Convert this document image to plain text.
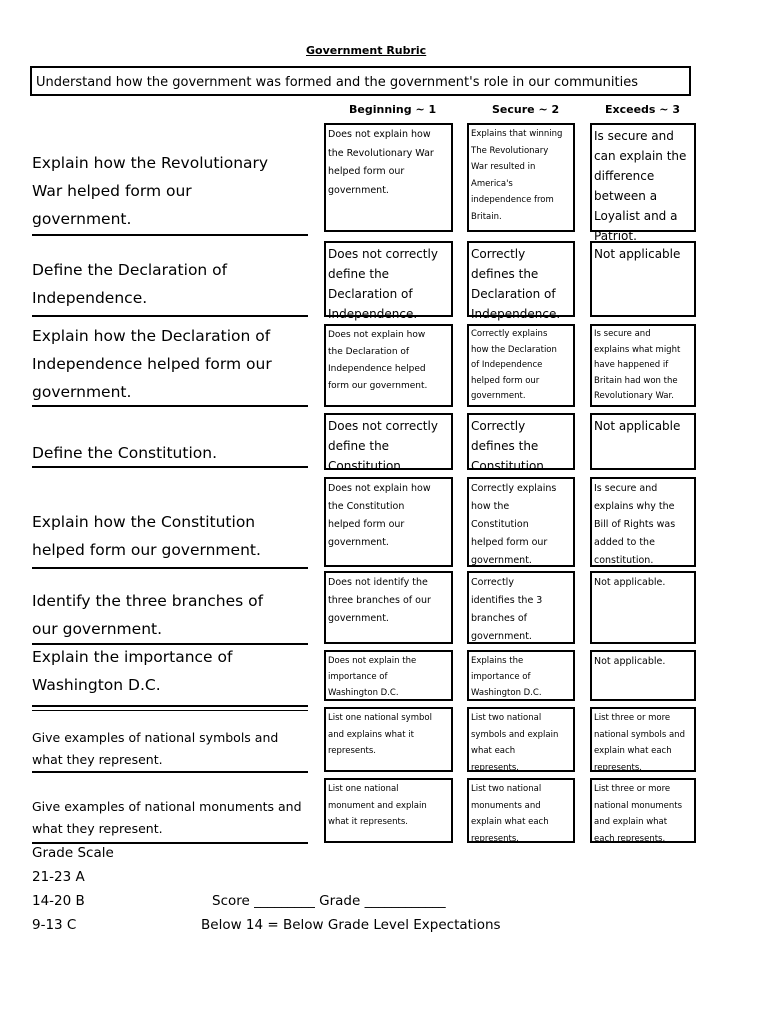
Government Rubric
Understand how the government was formed and the government's role in our communities
Beginning ~ 1	Secure ~ 2	Exceeds ~ 3
Explain how the Revolutionary
War helped form our
government.
Does not explain how
the Revolutionary War
helped form our
government.
Explains that winning
The Revolutionary
War resulted in
America's
independence from
Britain.
Is secure and
can explain the
difference
between a
Loyalist and a
Patriot.
Define the Declaration of
Independence.
Does not correctly
define the
Declaration of
Independence.
Correctly
defines the
Declaration of
Independence.
Not applicable
Explain how the Declaration of
Independence helped form our
government.
Does not explain how
the Declaration of
Independence helped
form our government.
Correctly explains
how the Declaration
of Independence
helped form our
government.
Is secure and
explains what might
have happened if
Britain had won the
Revolutionary War.
Define the Constitution.
Does not correctly
define the
Constitution.
Correctly
defines the
Constitution.
Not applicable
Explain how the Constitution
helped form our government.
Does not explain how
the Constitution
helped form our
government.
Correctly explains
how the
Constitution
helped form our
government.
Is secure and
explains why the
Bill of Rights was
added to the
constitution.
Identify the three branches of
our government.
Does not identify the
three branches of our
government.
Correctly
identifies the 3
branches of
government.
Not applicable.
Explain the importance of
Washington D.C.
Does not explain the
importance of
Washington D.C.
Explains the
importance of
Washington D.C.
Not applicable.
Give examples of national symbols and
what they represent.
List one national symbol
and explains what it
represents.
List two national
symbols and explain
what each
represents.
List three or more
national symbols and
explain what each
represents.
Give examples of national monuments and
what they represent.
List one national
monument and explain
what it represents.
List two national
monuments and
explain what each
represents.
List three or more
national monuments
and explain what
each represents.
Grade Scale
21-23 A
14-20 B
9-13 C
Score _________ Grade ____________
Below 14 = Below Grade Level Expectations
